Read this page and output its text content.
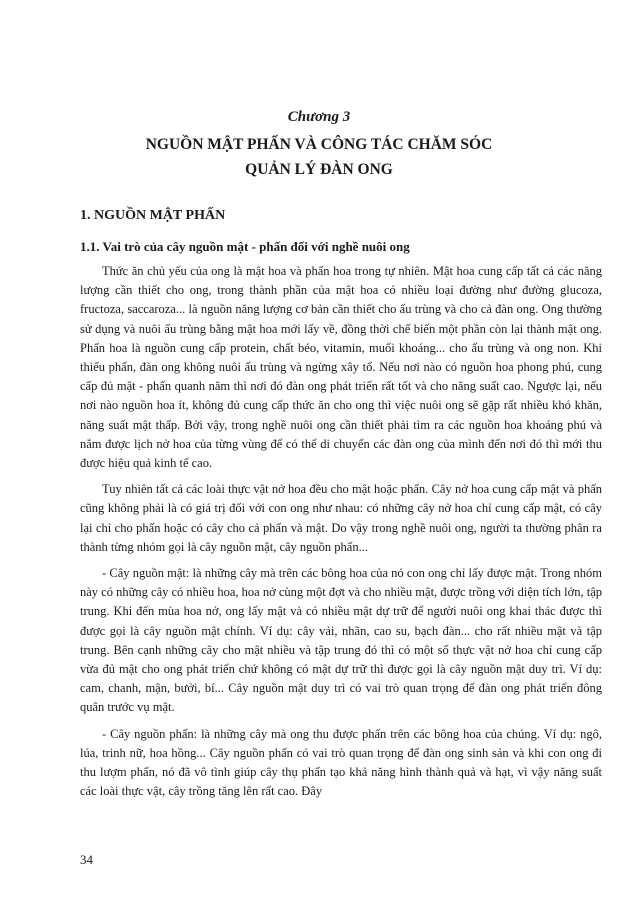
Chương 3
NGUỒN MẬT PHẤN VÀ CÔNG TÁC CHĂM SÓC
QUẢN LÝ ĐÀN ONG
1. NGUỒN MẬT PHẤN
1.1. Vai trò của cây nguồn mật - phấn đối với nghề nuôi ong

Thức ăn chủ yếu của ong là mật hoa và phấn hoa trong tự nhiên. Mật hoa cung cấp tất cả các năng lượng cần thiết cho ong, trong thành phần của mật hoa có nhiều loại đường như đường glucoza, fructoza, saccaroza... là nguồn năng lượng cơ bản cần thiết cho ấu trùng và cho cả đàn ong. Ong thường sử dụng và nuôi ấu trùng bằng mật hoa mới lấy về, đồng thời chế biến một phần còn lại thành mật ong. Phấn hoa là nguồn cung cấp protein, chất béo, vitamin, muối khoáng... cho ấu trùng và ong non. Khi thiếu phấn, đàn ong không nuôi ấu trùng và ngừng xây tổ. Nếu nơi nào có nguồn hoa phong phú, cung cấp đủ mật - phấn quanh năm thì nơi đó đàn ong phát triển rất tốt và cho năng suất cao. Ngược lại, nếu nơi nào nguồn hoa ít, không đủ cung cấp thức ăn cho ong thì việc nuôi ong sẽ gặp rất nhiều khó khăn, năng suất mật thấp. Bởi vậy, trong nghề nuôi ong cần thiết phải tìm ra các nguồn hoa khoáng phú và nắm được lịch nở hoa của từng vùng để có thể di chuyển các đàn ong của mình đến nơi đó thì mới thu được hiệu quả kinh tế cao.

Tuy nhiên tất cả các loài thực vật nở hoa đều cho mật hoặc phấn. Cây nở hoa cung cấp mật và phấn cũng không phải là có giá trị đối với con ong như nhau: có những cây nở hoa chỉ cung cấp mật, có cây lại chỉ cho phấn hoặc có cây cho cả phấn và mật. Do vậy trong nghề nuôi ong, người ta thường phân ra thành từng nhóm gọi là cây nguồn mật, cây nguồn phấn...

- Cây nguồn mật: là những cây mà trên các bông hoa của nó con ong chỉ lấy được mật. Trong nhóm này có những cây có nhiều hoa, hoa nở cùng một đợt và cho nhiều mật, được trồng với diện tích lớn, tập trung. Khi đến mùa hoa nở, ong lấy mật và có nhiều mật dự trữ để người nuôi ong khai thác được thì được gọi là cây nguồn mật chính. Ví dụ: cây vải, nhãn, cao su, bạch đàn... cho rất nhiều mật và tập trung. Bên cạnh những cây cho mật nhiều và tập trung đó thì có một số thực vật nở hoa chỉ cung cấp vừa đủ mật cho ong phát triển chứ không có mật dự trữ thì được gọi là cây nguồn mật duy trì. Ví dụ: cam, chanh, mận, bưởi, bí... Cây nguồn mật duy trì có vai trò quan trọng để đàn ong phát triển đông quân trước vụ mật.

- Cây nguồn phấn: là những cây mà ong thu được phấn trên các bông hoa của chúng. Ví dụ: ngô, lúa, trinh nữ, hoa hồng... Cây nguồn phấn có vai trò quan trọng để đàn ong sinh sản và khi con ong đi thu lượm phấn, nó đã vô tình giúp cây thụ phấn tạo khả năng hình thành quả và hạt, vì vậy năng suất các loài thực vật, cây trồng tăng lên rất cao. Đây

34
